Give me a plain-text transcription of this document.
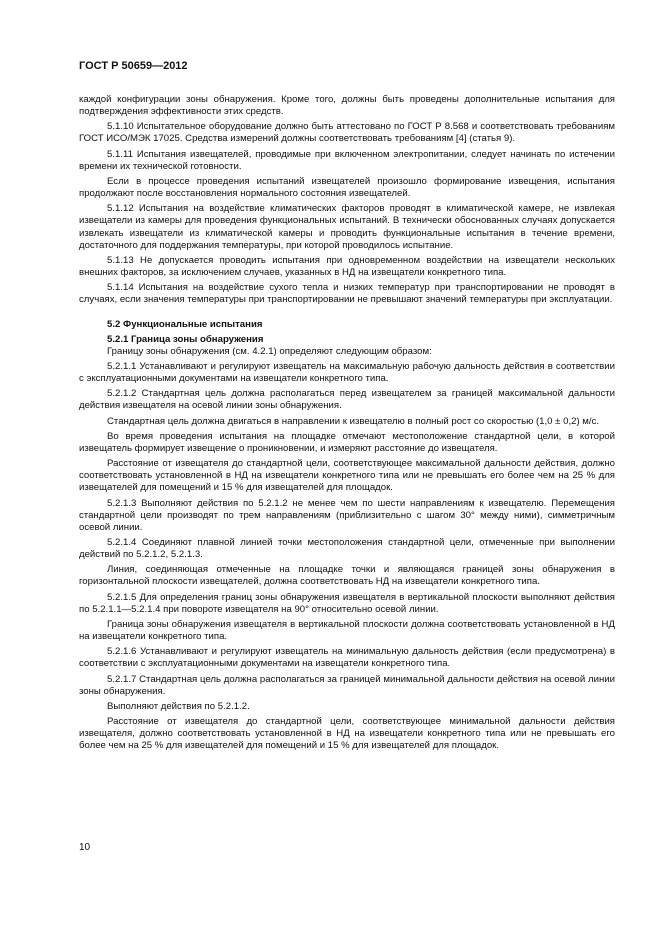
ГОСТ Р 50659—2012

каждой конфигурации зоны обнаружения. Кроме того, должны быть проведены дополнительные испытания для подтверждения эффективности этих средств.

5.1.10 Испытательное оборудование должно быть аттестовано по ГОСТ Р 8.568 и соответствовать требованиям ГОСТ ИСО/МЭК 17025. Средства измерений должны соответствовать требованиям [4] (статья 9).

5.1.11 Испытания извещателей, проводимые при включенном электропитании, следует начинать по истечении времени их технической готовности.

Если в процессе проведения испытаний извещателей произошло формирование извещения, испытания продолжают после восстановления нормального состояния извещателей.

5.1.12 Испытания на воздействие климатических факторов проводят в климатической камере, не извлекая извещатели из камеры для проведения функциональных испытаний. В технически обоснованных случаях допускается извлекать извещатели из климатической камеры и проводить функциональные испытания в течение времени, достаточного для поддержания температуры, при которой проводилось испытание.

5.1.13 Не допускается проводить испытания при одновременном воздействии на извещатели нескольких внешних факторов, за исключением случаев, указанных в НД на извещатели конкретного типа.

5.1.14 Испытания на воздействие сухого тепла и низких температур при транспортировании не проводят в случаях, если значения температуры при транспортировании не превышают значений температуры при эксплуатации.

5.2 Функциональные испытания
5.2.1 Граница зоны обнаружения

Границу зоны обнаружения (см. 4.2.1) определяют следующим образом:

5.2.1.1 Устанавливают и регулируют извещатель на максимальную рабочую дальность действия в соответствии с эксплуатационными документами на извещатели конкретного типа.

5.2.1.2 Стандартная цель должна располагаться перед извещателем за границей максимальной дальности действия извещателя на осевой линии зоны обнаружения.

Стандартная цель должна двигаться в направлении к извещателю в полный рост со скоростью (1,0 ± 0,2) м/с.

Во время проведения испытания на площадке отмечают местоположение стандартной цели, в которой извещатель формирует извещение о проникновении, и измеряют расстояние до извещателя.

Расстояние от извещателя до стандартной цели, соответствующее максимальной дальности действия, должно соответствовать установленной в НД на извещатели конкретного типа или не превышать его более чем на 25 % для извещателей для помещений и 15 % для извещателей для площадок.

5.2.1.3 Выполняют действия по 5.2.1.2 не менее чем по шести направлениям к извещателю. Перемещения стандартной цели производят по трем направлениям (приблизительно с шагом 30° между ними), симметричным осевой линии.

5.2.1.4 Соединяют плавной линией точки местоположения стандартной цели, отмеченные при выполнении действий по 5.2.1.2, 5.2.1.3.

Линия, соединяющая отмеченные на площадке точки и являющаяся границей зоны обнаружения в горизонтальной плоскости извещателей, должна соответствовать НД на извещатели конкретного типа.

5.2.1.5 Для определения границ зоны обнаружения извещателя в вертикальной плоскости выполняют действия по 5.2.1.1—5.2.1.4 при повороте извещателя на 90° относительно осевой линии.

Граница зоны обнаружения извещателя в вертикальной плоскости должна соответствовать установленной в НД на извещатели конкретного типа.

5.2.1.6 Устанавливают и регулируют извещатель на минимальную дальность действия (если предусмотрена) в соответствии с эксплуатационными документами на извещатели конкретного типа.

5.2.1.7 Стандартная цель должна располагаться за границей минимальной дальности действия на осевой линии зоны обнаружения.

Выполняют действия по 5.2.1.2.

Расстояние от извещателя до стандартной цели, соответствующее минимальной дальности действия извещателя, должно соответствовать установленной в НД на извещатели конкретного типа или не превышать его более чем на 25 % для извещателей для помещений и 15 % для извещателей для площадок.

10
